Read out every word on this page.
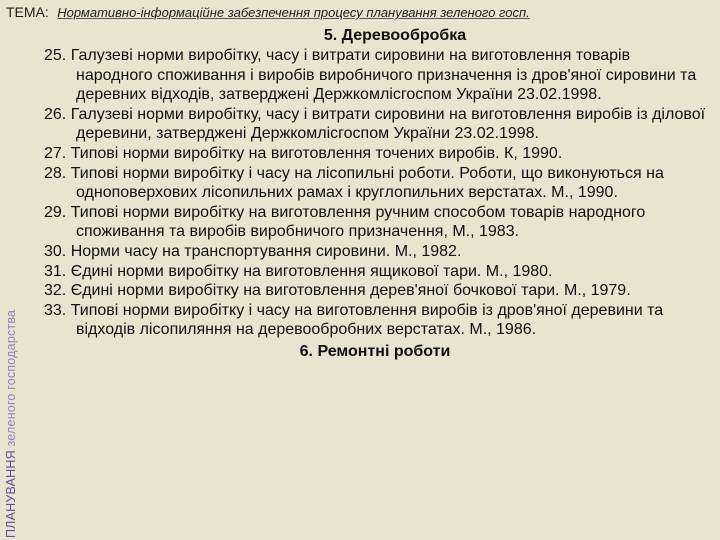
ТЕМА: Нормативно-інформаційне забезпечення процесу планування зеленого госп.
ПЛАНУВАННЯ зеленого господарства
5. Деревообробка
25. Галузеві норми виробітку, часу і витрати сировини на виготовлення товарів народного споживання і виробів виробничого призначення із дров'яної сировини та деревних відходів, затверджені Держкомлісгоспом України 23.02.1998.
26. Галузеві норми виробітку, часу і витрати сировини на виготовлення виробів із ділової деревини, затверджені Держкомлісгоспом України 23.02.1998.
27. Типові норми виробітку на виготовлення точених виробів. К, 1990.
28. Типові норми виробітку і часу на лісопильні роботи. Роботи, що виконуються на одноповерхових лісопильних рамах і круглопильних верстатах. М., 1990.
29. Типові норми виробітку на виготовлення ручним способом товарів народного споживання та виробів виробничого призначення, М., 1983.
30. Норми часу на транспортування сировини. М., 1982.
31. Єдині норми виробітку на виготовлення ящикової тари. М., 1980.
32. Єдині норми виробітку на виготовлення дерев'яної бочкової тари. М., 1979.
33. Типові норми виробітку і часу на виготовлення виробів із дров'яної деревини та відходів лісопиляння на деревообробних верстатах. М., 1986.
6. Ремонтні роботи
